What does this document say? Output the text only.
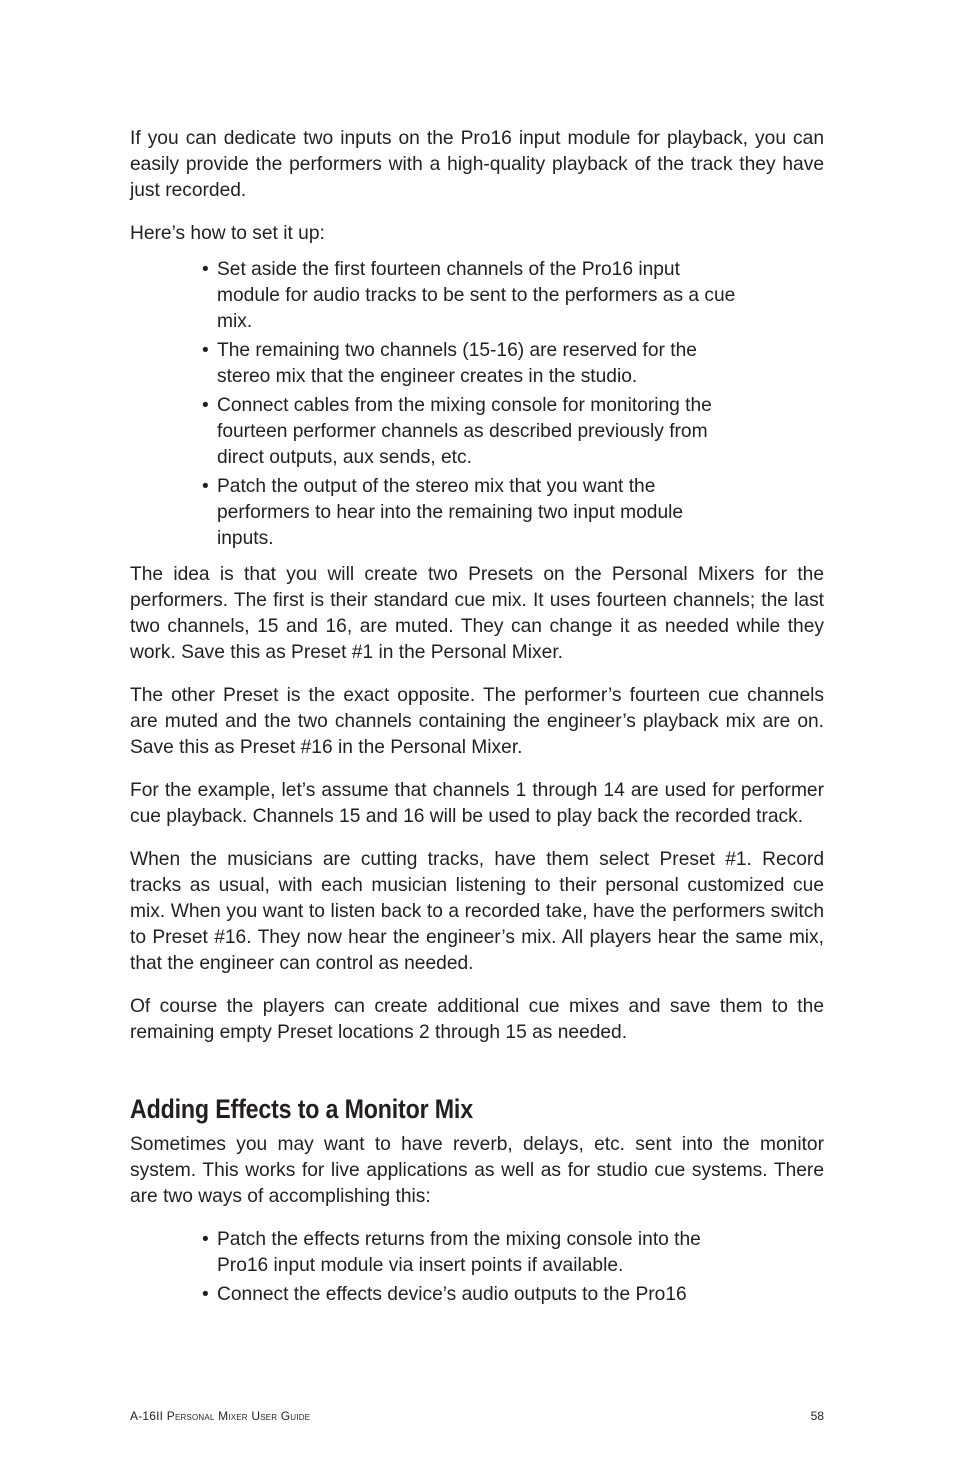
If you can dedicate two inputs on the Pro16 input module for playback, you can easily provide the performers with a high-quality playback of the track they have just recorded.

Here’s how to set it up:

• Set aside the first fourteen channels of the Pro16 input module for audio tracks to be sent to the performers as a cue mix.
• The remaining two channels (15-16) are reserved for the stereo mix that the engineer creates in the studio.
• Connect cables from the mixing console for monitoring the fourteen performer channels as described previously from direct outputs, aux sends, etc.
• Patch the output of the stereo mix that you want the performers to hear into the remaining two input module inputs.

The idea is that you will create two Presets on the Personal Mixers for the performers. The first is their standard cue mix. It uses fourteen channels; the last two channels, 15 and 16, are muted. They can change it as needed while they work. Save this as Preset #1 in the Personal Mixer.

The other Preset is the exact opposite. The performer’s fourteen cue channels are muted and the two channels containing the engineer’s playback mix are on. Save this as Preset #16 in the Personal Mixer.

For the example, let’s assume that channels 1 through 14 are used for performer cue playback. Channels 15 and 16 will be used to play back the recorded track.

When the musicians are cutting tracks, have them select Preset #1. Record tracks as usual, with each musician listening to their personal customized cue mix. When you want to listen back to a recorded take, have the performers switch to Preset #16. They now hear the engineer’s mix. All players hear the same mix, that the engineer can control as needed.

Of course the players can create additional cue mixes and save them to the remaining empty Preset locations 2 through 15 as needed.

Adding Effects to a Monitor Mix

Sometimes you may want to have reverb, delays, etc. sent into the monitor system. This works for live applications as well as for studio cue systems. There are two ways of accomplishing this:

• Patch the effects returns from the mixing console into the Pro16 input module via insert points if available.
• Connect the effects device’s audio outputs to the Pro16
A-16II Personal Mixer User Guide	58
